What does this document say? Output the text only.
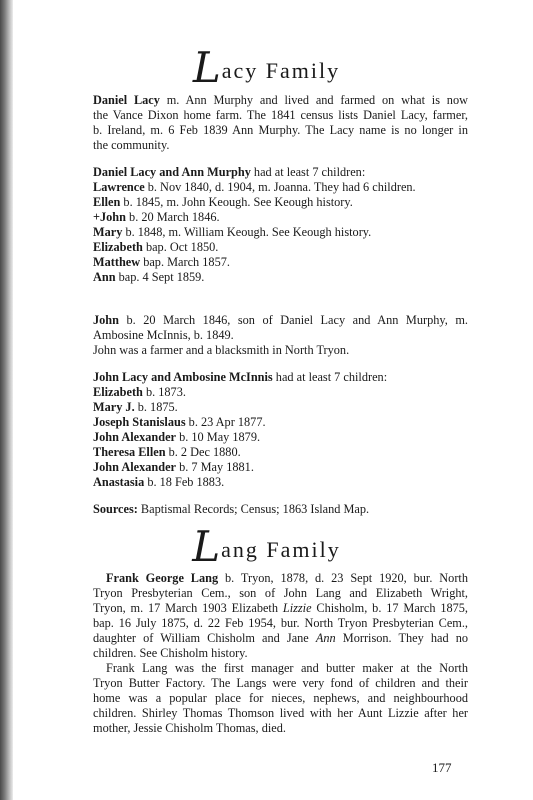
Lacy Family
Daniel Lacy m. Ann Murphy and lived and farmed on what is now
the Vance Dixon home farm. The 1841 census lists Daniel Lacy, farmer,
b. Ireland, m. 6 Feb 1839 Ann Murphy. The Lacy name is no longer in
the community.
Daniel Lacy and Ann Murphy had at least 7 children:
Lawrence b. Nov 1840, d. 1904, m. Joanna. They had 6 children.
Ellen b. 1845, m. John Keough. See Keough history.
+John b. 20 March 1846.
Mary b. 1848, m. William Keough. See Keough history.
Elizabeth bap. Oct 1850.
Matthew bap. March 1857.
Ann bap. 4 Sept 1859.
John b. 20 March 1846, son of Daniel Lacy and Ann Murphy, m.
Ambosine McInnis, b. 1849.
John was a farmer and a blacksmith in North Tryon.
John Lacy and Ambosine McInnis had at least 7 children:
Elizabeth b. 1873.
Mary J. b. 1875.
Joseph Stanislaus b. 23 Apr 1877.
John Alexander b. 10 May 1879.
Theresa Ellen b. 2 Dec 1880.
John Alexander b. 7 May 1881.
Anastasia b. 18 Feb 1883.
Sources: Baptismal Records; Census; 1863 Island Map.
Lang Family
Frank George Lang b. Tryon, 1878, d. 23 Sept 1920, bur. North
Tryon Presbyterian Cem., son of John Lang and Elizabeth Wright,
Tryon, m. 17 March 1903 Elizabeth Lizzie Chisholm, b. 17 March 1875,
bap. 16 July 1875, d. 22 Feb 1954, bur. North Tryon Presbyterian Cem.,
daughter of William Chisholm and Jane Ann Morrison. They had no
children. See Chisholm history.
Frank Lang was the first manager and butter maker at the North
Tryon Butter Factory. The Langs were very fond of children and their
home was a popular place for nieces, nephews, and neighbourhood
children. Shirley Thomas Thomson lived with her Aunt Lizzie after her
mother, Jessie Chisholm Thomas, died.
177
